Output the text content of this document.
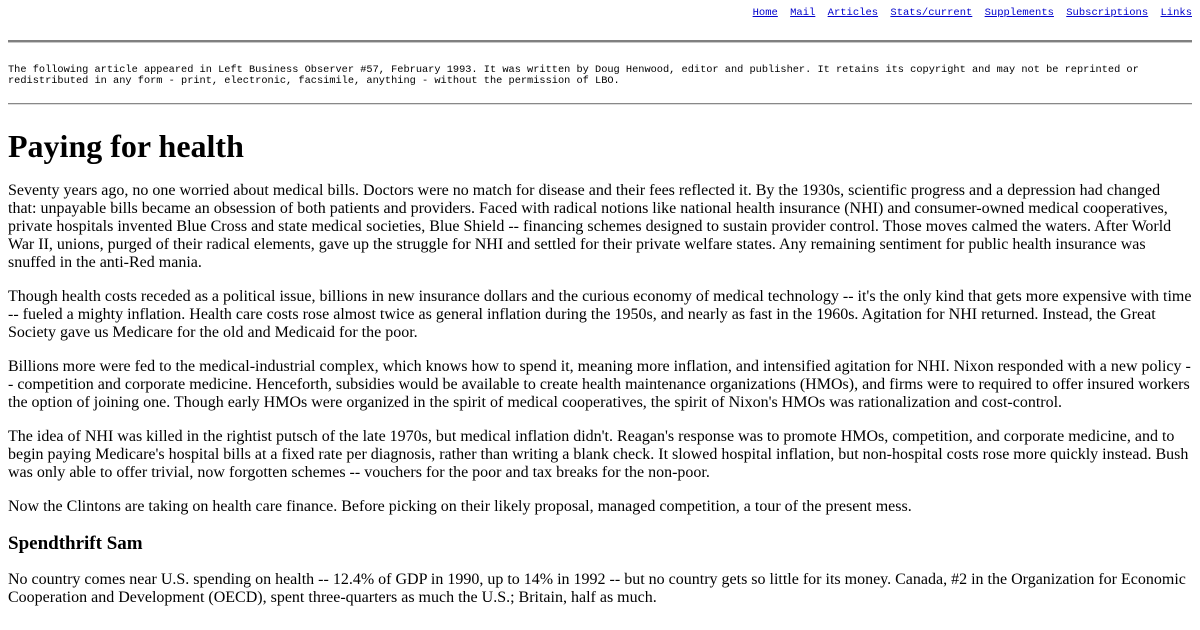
Home Mail Articles Stats/current Supplements Subscriptions Links
The following article appeared in Left Business Observer #57, February 1993. It was written by Doug Henwood, editor and publisher. It retains its copyright and may not be reprinted or redistributed in any form - print, electronic, facsimile, anything - without the permission of LBO.
Paying for health

Seventy years ago, no one worried about medical bills. Doctors were no match for disease and their fees reflected it. By the 1930s, scientific progress and a depression had changed that: unpayable bills became an obsession of both patients and providers. Faced with radical notions like national health insurance (NHI) and consumer-owned medical cooperatives, private hospitals invented Blue Cross and state medical societies, Blue Shield -- financing schemes designed to sustain provider control. Those moves calmed the waters. After World War II, unions, purged of their radical elements, gave up the struggle for NHI and settled for their private welfare states. Any remaining sentiment for public health insurance was snuffed in the anti-Red mania.

Though health costs receded as a political issue, billions in new insurance dollars and the curious economy of medical technology -- it's the only kind that gets more expensive with time -- fueled a mighty inflation. Health care costs rose almost twice as general inflation during the 1950s, and nearly as fast in the 1960s. Agitation for NHI returned. Instead, the Great Society gave us Medicare for the old and Medicaid for the poor.

Billions more were fed to the medical-industrial complex, which knows how to spend it, meaning more inflation, and intensified agitation for NHI. Nixon responded with a new policy -- competition and corporate medicine. Henceforth, subsidies would be available to create health maintenance organizations (HMOs), and firms were to required to offer insured workers the option of joining one. Though early HMOs were organized in the spirit of medical cooperatives, the spirit of Nixon's HMOs was rationalization and cost-control.

The idea of NHI was killed in the rightist putsch of the late 1970s, but medical inflation didn't. Reagan's response was to promote HMOs, competition, and corporate medicine, and to begin paying Medicare's hospital bills at a fixed rate per diagnosis, rather than writing a blank check. It slowed hospital inflation, but non-hospital costs rose more quickly instead. Bush was only able to offer trivial, now forgotten schemes -- vouchers for the poor and tax breaks for the non-poor.

Now the Clintons are taking on health care finance. Before picking on their likely proposal, managed competition, a tour of the present mess.

Spendthrift Sam

No country comes near U.S. spending on health -- 12.4% of GDP in 1990, up to 14% in 1992 -- but no country gets so little for its money. Canada, #2 in the Organization for Economic Cooperation and Development (OECD), spent three-quarters as much the U.S.; Britain, half as much.
